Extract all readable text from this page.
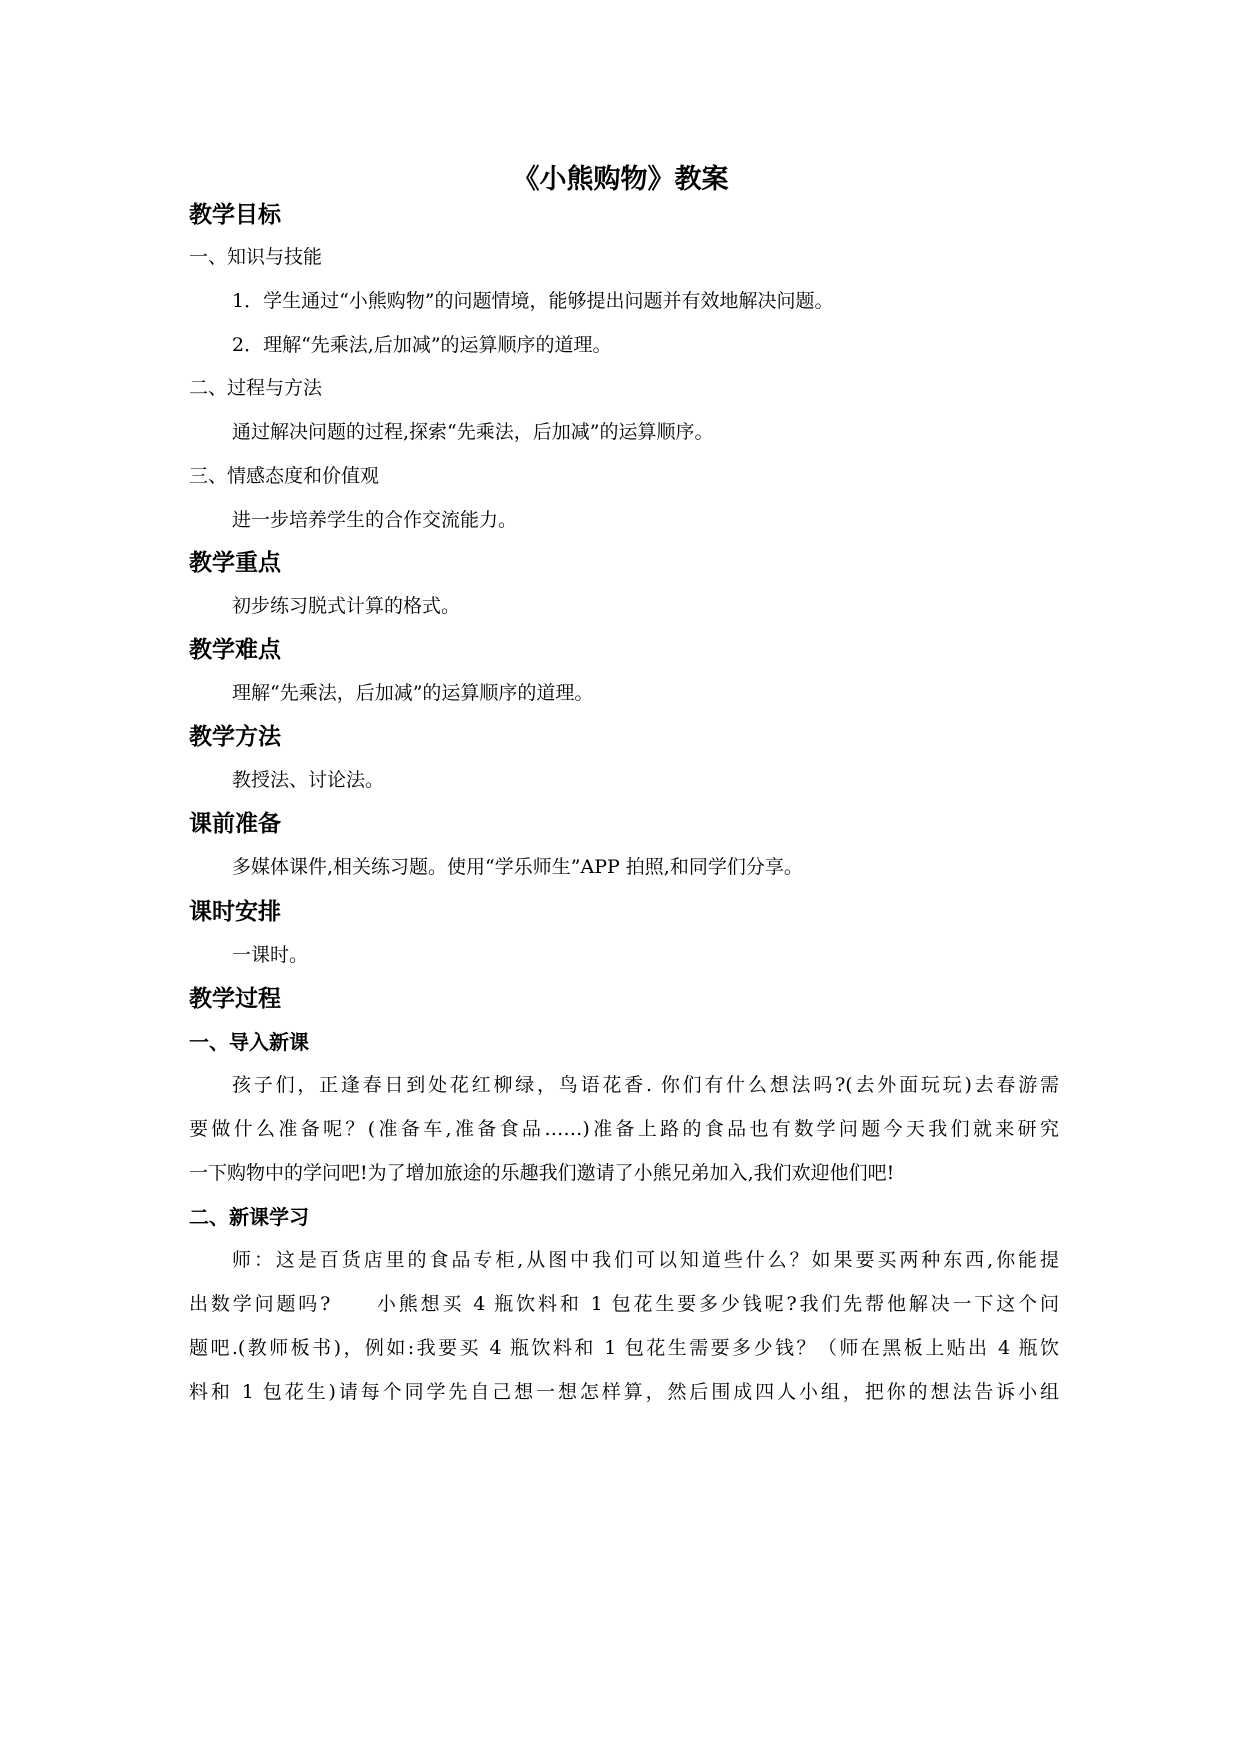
《小熊购物》教案
教学目标

一、知识与技能

1．学生通过“小熊购物”的问题情境，能够提出问题并有效地解决问题。

2．理解“先乘法,后加减”的运算顺序的道理。

二、过程与方法

通过解决问题的过程,探索“先乘法，后加减”的运算顺序。

三、情感态度和价值观

进一步培养学生的合作交流能力。

教学重点

初步练习脱式计算的格式。

教学难点

理解“先乘法，后加减”的运算顺序的道理。

教学方法

教授法、讨论法。

课前准备

多媒体课件,相关练习题。使用“学乐师生”APP 拍照,和同学们分享。

课时安排

一课时。

教学过程

一、导入新课

孩子们，正逢春日到处花红柳绿，鸟语花香. 你们有什么想法吗?(去外面玩玩)去春游需

要做什么准备呢？(准备车,准备食品……)准备上路的食品也有数学问题今天我们就来研究

一下购物中的学问吧!为了增加旅途的乐趣我们邀请了小熊兄弟加入,我们欢迎他们吧!

二、新课学习

师：这是百货店里的食品专柜,从图中我们可以知道些什么？如果要买两种东西,你能提

出数学问题吗?　　小熊想买 4 瓶饮料和 1 包花生要多少钱呢?我们先帮他解决一下这个问

题吧.(教师板书)，例如:我要买 4 瓶饮料和 1 包花生需要多少钱？（师在黑板上贴出 4 瓶饮

料和 1 包花生)请每个同学先自己想一想怎样算，然后围成四人小组，把你的想法告诉小组
